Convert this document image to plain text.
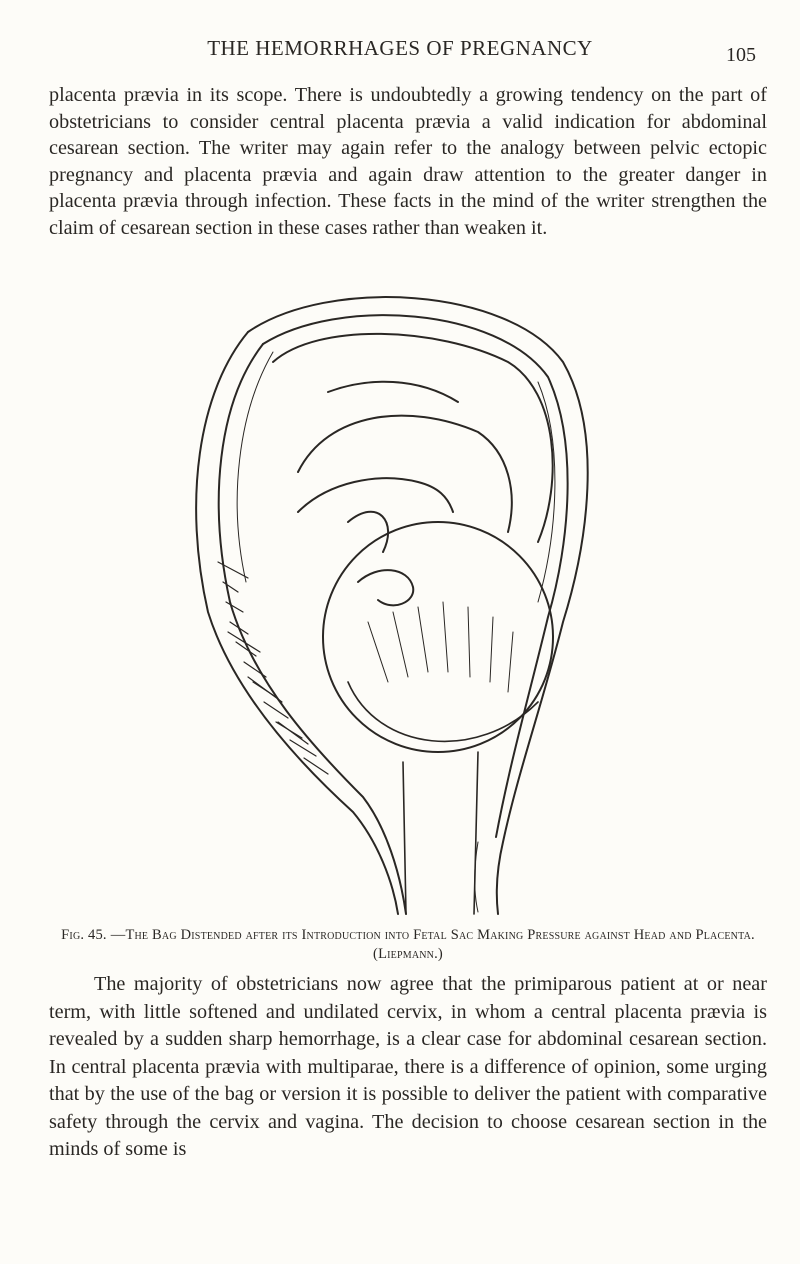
THE HEMORRHAGES OF PREGNANCY	105

placenta prævia in its scope. There is undoubtedly a growing tendency on the part of obstetricians to consider central placenta prævia a valid indication for abdominal cesarean section. The writer may again refer to the analogy between pelvic ectopic pregnancy and placenta prævia and again draw attention to the greater danger in placenta prævia through infection. These facts in the mind of the writer strengthen the claim of cesarean section in these cases rather than weaken it.

Fig. 45. —The Bag Distended after its Introduction into Fetal Sac Making Pressure against Head and Placenta. (Liepmann.)

The majority of obstetricians now agree that the primiparous patient at or near term, with little softened and undilated cervix, in whom a central placenta prævia is revealed by a sudden sharp hemorrhage, is a clear case for abdominal cesarean section. In central placenta prævia with multiparae, there is a difference of opinion, some urging that by the use of the bag or version it is possible to deliver the patient with comparative safety through the cervix and vagina. The decision to choose cesarean section in the minds of some is
